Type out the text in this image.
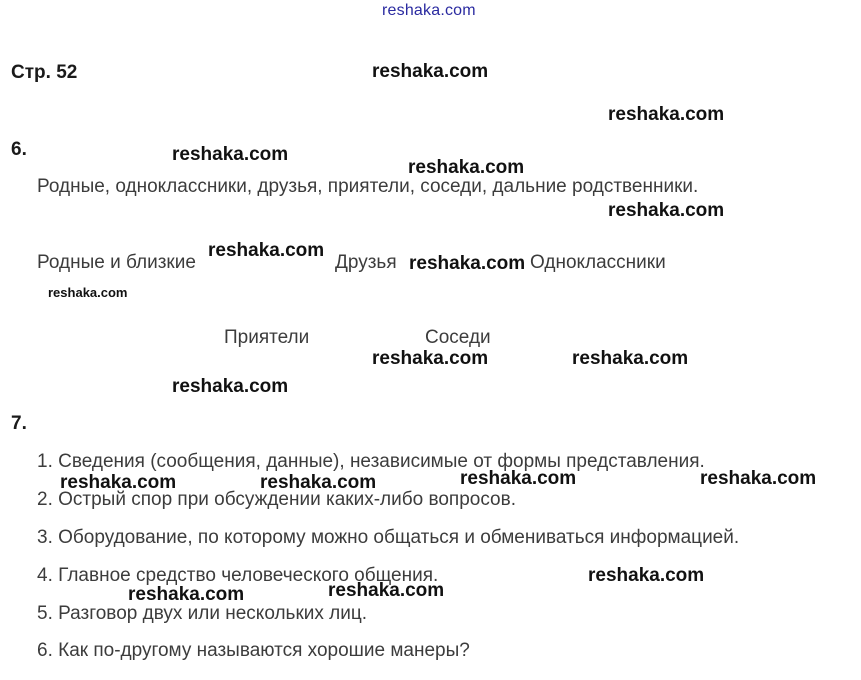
reshaka.com
Стр. 52
6.
Родные, одноклассники, друзья, приятели, соседи, дальние родственники.
Родные и близкие	Друзья	Одноклассники
Приятели	Соседи
7.
1. Сведения (сообщения, данные), независимые от формы представления.
2. Острый спор при обсуждении каких-либо вопросов.
3. Оборудование, по которому можно общаться и обмениваться информацией.
4. Главное средство человеческого общения.
5. Разговор двух или нескольких лиц.
6. Как по-другому называются хорошие манеры?
reshaka.com
reshaka.com
reshaka.com
reshaka.com
reshaka.com
reshaka.com
reshaka.com
reshaka.com
reshaka.com	reshaka.com
reshaka.com
reshaka.com	reshaka.com	reshaka.com	reshaka.com
reshaka.com
reshaka.com
reshaka.com
